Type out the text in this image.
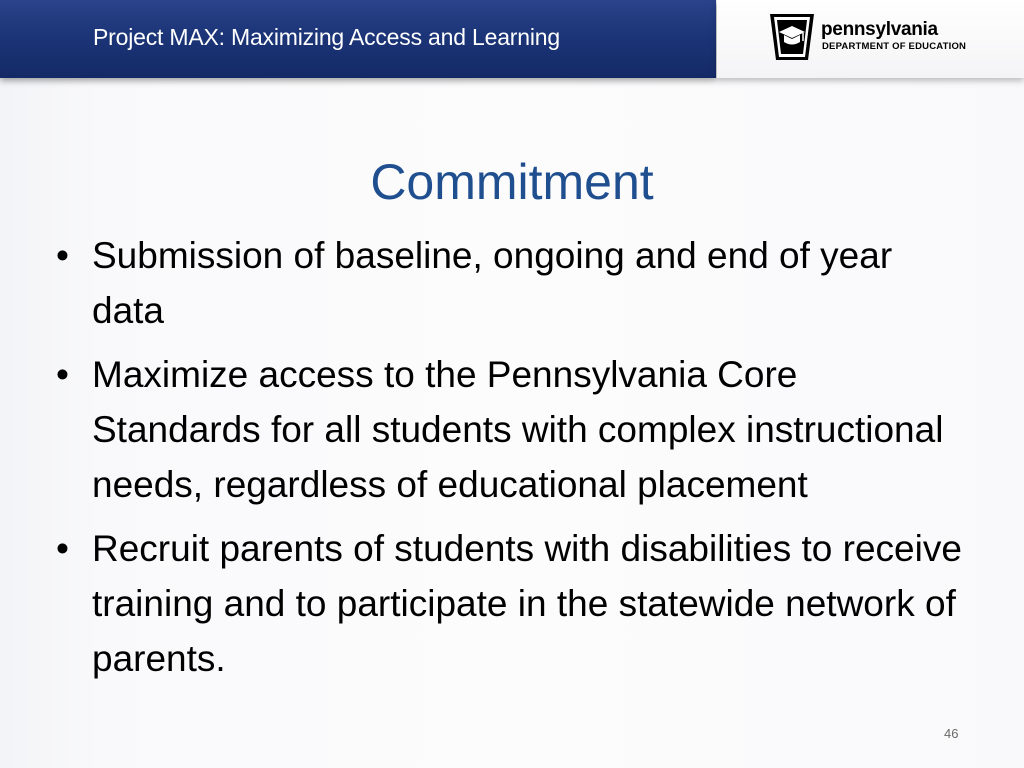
Project MAX: Maximizing Access and Learning	pennsylvania
DEPARTMENT OF EDUCATION
Commitment
• Submission of baseline, ongoing and end of year data
• Maximize access to the Pennsylvania Core Standards for all students with complex instructional needs, regardless of educational placement
• Recruit parents of students with disabilities to receive training and to participate in the statewide network of parents.
46
